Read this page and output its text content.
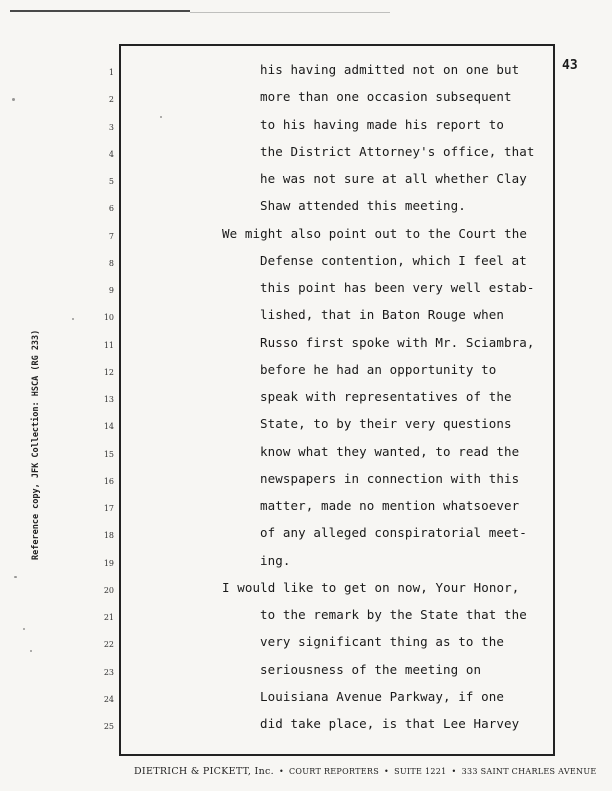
Reference copy, JFK Collection: HSCA (RG 233)
43
1	his having admitted not on one but
2	more than one occasion subsequent
3	to his having made his report to
4	the District Attorney's office, that
5	he was not sure at all whether Clay
6	Shaw attended this meeting.
7	We might also point out to the Court the
8	Defense contention, which I feel at
9	this point has been very well estab-
10	lished, that in Baton Rouge when
11	Russo first spoke with Mr. Sciambra,
12	before he had an opportunity to
13	speak with representatives of the
14	State, to by their very questions
15	know what they wanted, to read the
16	newspapers in connection with this
17	matter, made no mention whatsoever
18	of any alleged conspiratorial meet-
19	ing.
20	I would like to get on now, Your Honor,
21	to the remark by the State that the
22	very significant thing as to the
23	seriousness of the meeting on
24	Louisiana Avenue Parkway, if one
25	did take place, is that Lee Harvey
DIETRICH & PICKETT, Inc. • COURT REPORTERS • SUITE 1221 • 333 SAINT CHARLES AVENUE
